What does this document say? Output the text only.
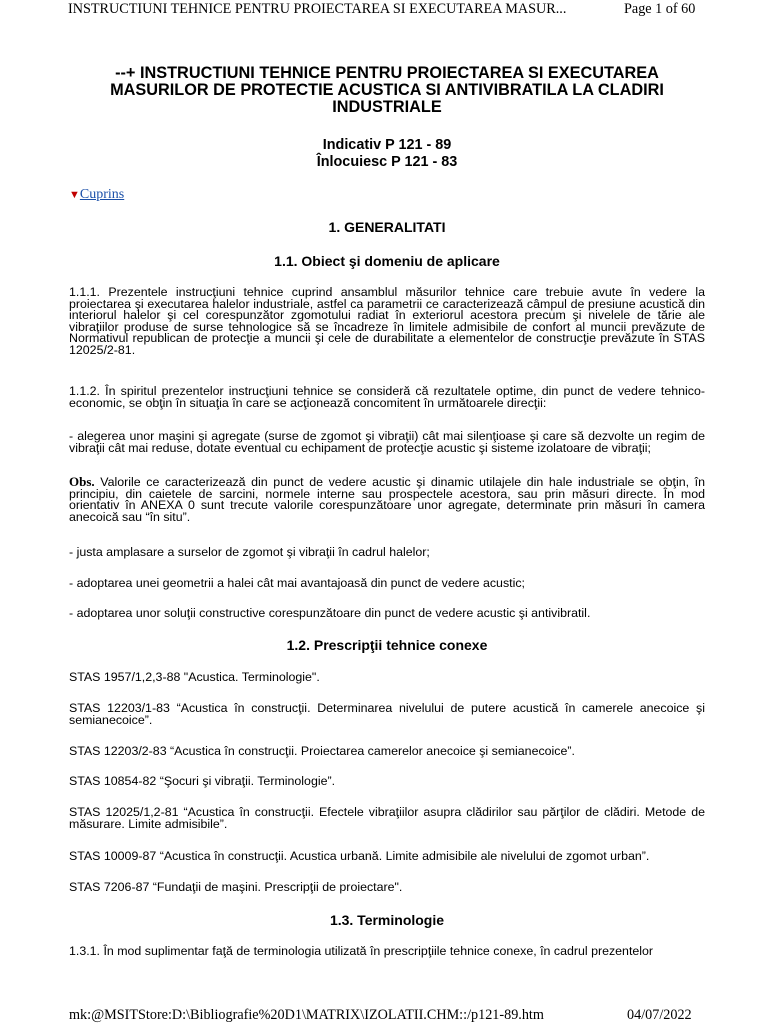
INSTRUCTIUNI TEHNICE PENTRU PROIECTAREA SI EXECUTAREA MASUR...	Page 1 of 60
--+ INSTRUCTIUNI TEHNICE PENTRU PROIECTAREA SI EXECUTAREA
MASURILOR DE PROTECTIE ACUSTICA SI ANTIVIBRATILA LA CLADIRI
INDUSTRIALE
Indicativ P 121 - 89
Înlocuiesc P 121 - 83
▼Cuprins
1. GENERALITATI
1.1. Obiect şi domeniu de aplicare

1.1.1. Prezentele instrucţiuni tehnice cuprind ansamblul măsurilor tehnice care trebuie avute în vedere la proiectarea şi executarea halelor industriale, astfel ca parametrii ce caracterizează câmpul de presiune acustică din interiorul halelor şi cel corespunzător zgomotului radiat în exteriorul acestora precum şi nivelele de tărie ale vibraţiilor produse de surse tehnologice să se încadreze în limitele admisibile de confort al muncii prevăzute de Normativul republican de protecţie a muncii şi cele de durabilitate a elementelor de construcţie prevăzute în STAS 12025/2-81.

1.1.2. În spiritul prezentelor instrucţiuni tehnice se consideră că rezultatele optime, din punct de vedere tehnico-economic, se obţin în situaţia în care se acţionează concomitent în următoarele direcţii:

- alegerea unor maşini şi agregate (surse de zgomot şi vibraţii) cât mai silenţioase şi care să dezvolte un regim de vibraţii cât mai reduse, dotate eventual cu echipament de protecţie acustic şi sisteme izolatoare de vibraţii;

Obs. Valorile ce caracterizează din punct de vedere acustic şi dinamic utilajele din hale industriale se obţin, în principiu, din caietele de sarcini, normele interne sau prospectele acestora, sau prin măsuri directe. În mod orientativ în ANEXA 0 sunt trecute valorile corespunzătoare unor agregate, determinate prin măsuri în camera anecoică sau “în situ”.

- justa amplasare a surselor de zgomot şi vibraţii în cadrul halelor;

- adoptarea unei geometrii a halei cât mai avantajoasă din punct de vedere acustic;

- adoptarea unor soluţii constructive corespunzătoare din punct de vedere acustic şi antivibratil.

1.2. Prescripţii tehnice conexe

STAS 1957/1,2,3-88 "Acustica. Terminologie".

STAS 12203/1-83 “Acustica în construcţii. Determinarea nivelului de putere acustică în camerele anecoice şi semianecoice”.

STAS 12203/2-83 “Acustica în construcţii. Proiectarea camerelor anecoice şi semianecoice”.

STAS 10854-82 “Şocuri şi vibraţii. Terminologie”.

STAS 12025/1,2-81 “Acustica în construcţii. Efectele vibraţiilor asupra clădirilor sau părţilor de clădiri. Metode de măsurare. Limite admisibile”.

STAS 10009-87 “Acustica în construcţii. Acustica urbană. Limite admisibile ale nivelului de zgomot urban”.

STAS 7206-87 “Fundaţii de maşini. Prescripţii de proiectare".

1.3. Terminologie

1.3.1. În mod suplimentar faţă de terminologia utilizată în prescripţiile tehnice conexe, în cadrul prezentelor

mk:@MSITStore:D:\Bibliografie%20D1\MATRIX\IZOLATII.CHM::/p121-89.htm	04/07/2022
